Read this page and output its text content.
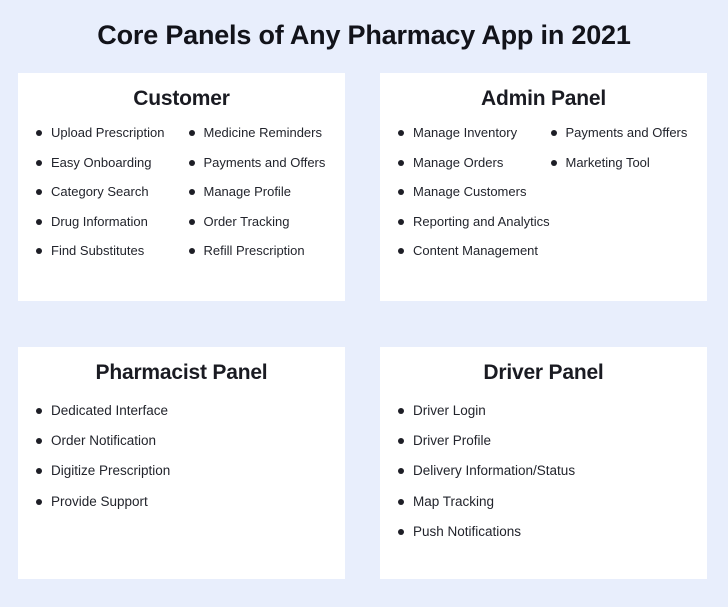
Core Panels of Any Pharmacy App in 2021
Customer
Upload Prescription
Easy Onboarding
Category Search
Drug Information
Find Substitutes
Medicine Reminders
Payments and Offers
Manage Profile
Order Tracking
Refill Prescription
Admin Panel
Manage Inventory
Manage Orders
Manage Customers
Reporting and Analytics
Content Management
Payments and Offers
Marketing Tool
Pharmacist Panel
Dedicated Interface
Order Notification
Digitize Prescription
Provide Support
Driver Panel
Driver Login
Driver Profile
Delivery Information/Status
Map Tracking
Push Notifications
